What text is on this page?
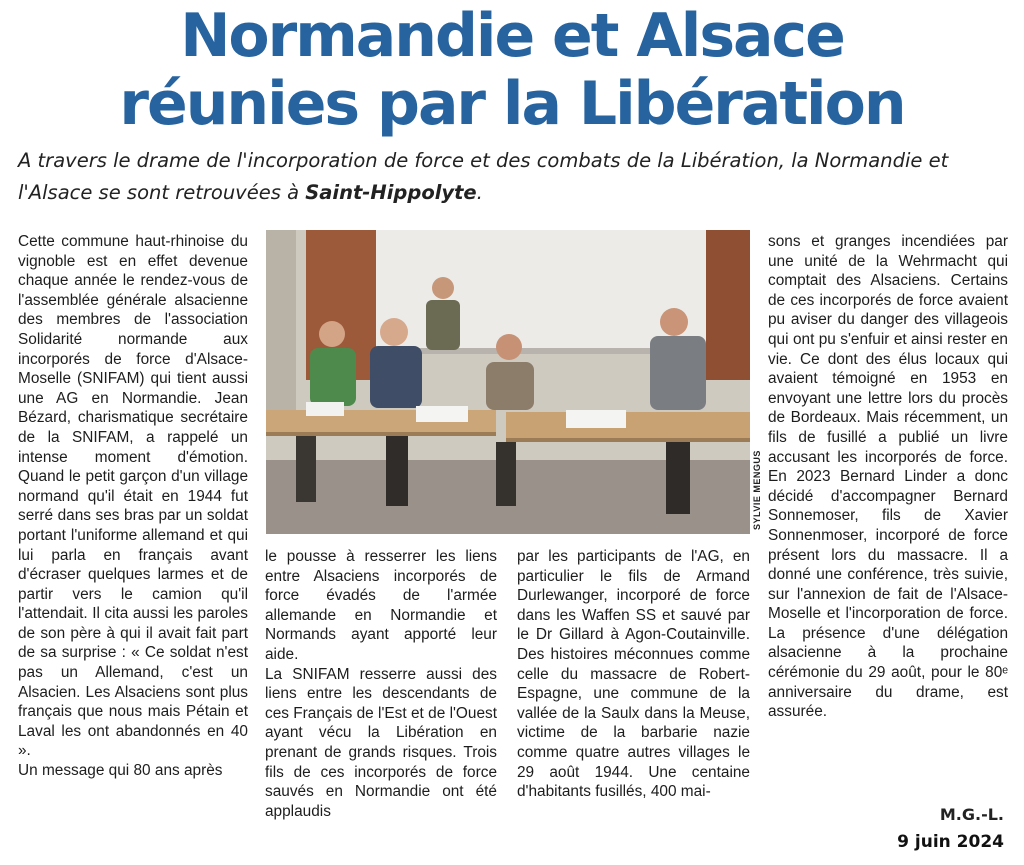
Normandie et Alsace
réunies par la Libération

A travers le drame de l'incorporation de force et des combats de la Libération, la Normandie et l'Alsace se sont retrouvées à Saint-Hippolyte.

Cette commune haut-rhinoise du vignoble est en effet devenue chaque année le rendez-vous de l'assemblée générale alsacienne des membres de l'association Solidarité normande aux incorporés de force d'Alsace-Moselle (SNIFAM) qui tient aussi une AG en Normandie. Jean Bézard, charismatique secrétaire de la SNIFAM, a rappelé un intense moment d'émotion. Quand le petit garçon d'un village normand qu'il était en 1944 fut serré dans ses bras par un soldat portant l'uniforme allemand et qui lui parla en français avant d'écraser quelques larmes et de partir vers le camion qu'il l'attendait. Il cita aussi les paroles de son père à qui il avait fait part de sa surprise : « Ce soldat n'est pas un Allemand, c'est un Alsacien. Les Alsaciens sont plus français que nous mais Pétain et Laval les ont abandonnés en 40 ».

Un message qui 80 ans après

SYLVIE MENGUS

le pousse à resserrer les liens entre Alsaciens incorporés de force évadés de l'armée allemande en Normandie et Normands ayant apporté leur aide.

La SNIFAM resserre aussi des liens entre les descendants de ces Français de l'Est et de l'Ouest ayant vécu la Libération en prenant de grands risques. Trois fils de ces incorporés de force sauvés en Normandie ont été applaudis

par les participants de l'AG, en particulier le fils de Armand Durlewanger, incorporé de force dans les Waffen SS et sauvé par le Dr Gillard à Agon-Coutainville. Des histoires méconnues comme celle du massacre de Robert-Espagne, une commune de la vallée de la Saulx dans la Meuse, victime de la barbarie nazie comme quatre autres villages le 29 août 1944. Une centaine d'habitants fusillés, 400 mai-

sons et granges incendiées par une unité de la Wehrmacht qui comptait des Alsaciens. Certains de ces incorporés de force avaient pu aviser du danger des villageois qui ont pu s'enfuir et ainsi rester en vie. Ce dont des élus locaux qui avaient témoigné en 1953 en envoyant une lettre lors du procès de Bordeaux. Mais récemment, un fils de fusillé a publié un livre accusant les incorporés de force. En 2023 Bernard Linder a donc décidé d'accompagner Bernard Sonnemoser, fils de Xavier Sonnenmoser, incorporé de force présent lors du massacre. Il a donné une conférence, très suivie, sur l'annexion de fait de l'Alsace-Moselle et l'incorporation de force. La présence d'une délégation alsacienne à la prochaine cérémonie du 29 août, pour le 80ᵉ anniversaire du drame, est assurée.

M.G.-L.
9 juin 2024
